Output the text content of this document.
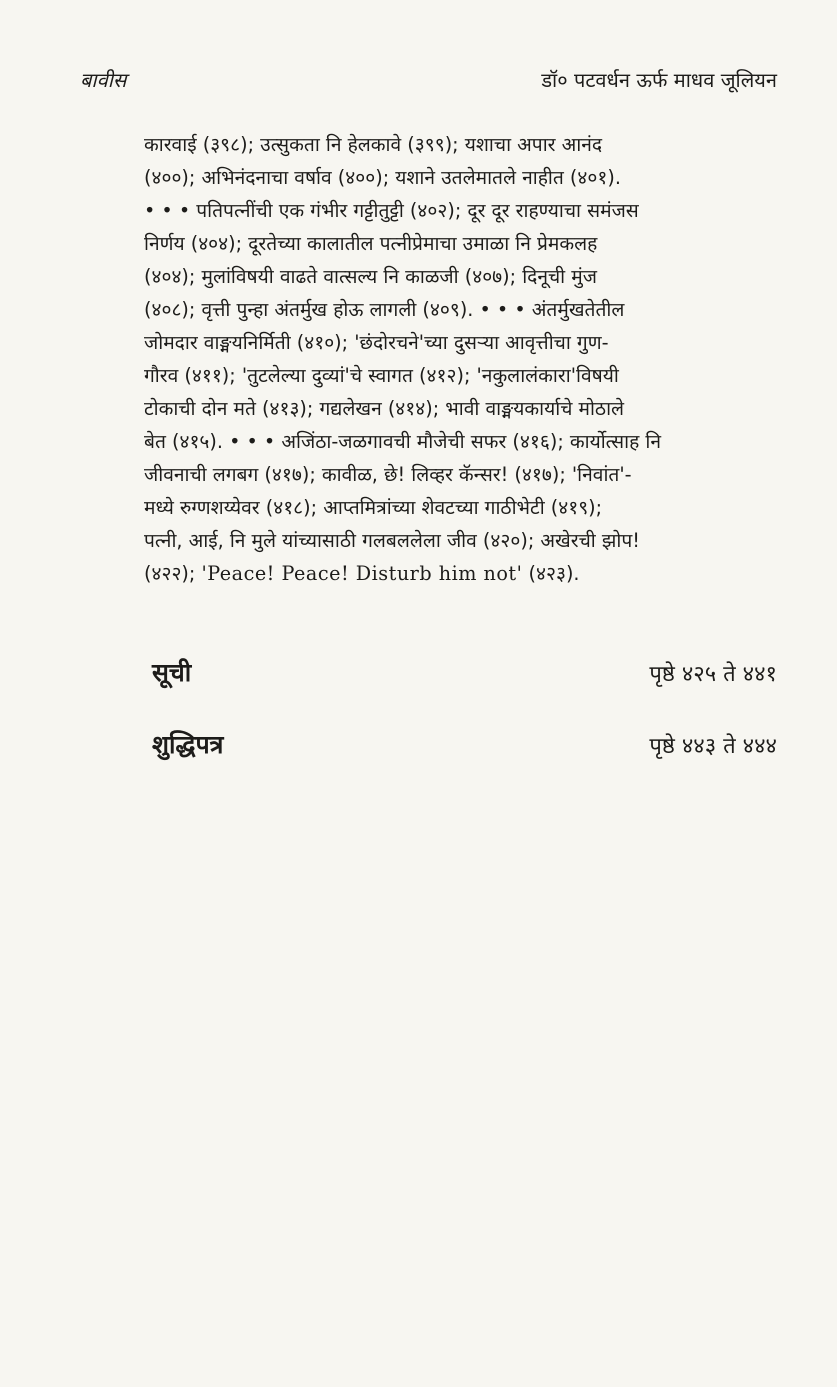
बावीस	डॉ० पटवर्धन ऊर्फ माधव जूलियन
कारवाई (३९८); उत्सुकता नि हेलकावे (३९९); यशाचा अपार आनंद
(४००); अभिनंदनाचा वर्षाव (४००); यशाने उतलेमातले नाहीत (४०१).
• • • पतिपत्नींची एक गंभीर गट्टीतुट्टी (४०२); दूर दूर राहण्याचा समंजस
निर्णय (४०४); दूरतेच्या कालातील पत्नीप्रेमाचा उमाळा नि प्रेमकलह
(४०४); मुलांविषयी वाढते वात्सल्य नि काळजी (४०७); दिनूची मुंज
(४०८); वृत्ती पुन्हा अंतर्मुख होऊ लागली (४०९). • • • अंतर्मुखतेतील
जोमदार वाङ्मयनिर्मिती (४१०); 'छंदोरचने'च्या दुसऱ्या आवृत्तीचा गुण-
गौरव (४११); 'तुटलेल्या दुव्यां'चे स्वागत (४१२); 'नकुलालंकारा'विषयी
टोकाची दोन मते (४१३); गद्यलेखन (४१४); भावी वाङ्मयकार्याचे मोठाले
बेत (४१५). • • • अजिंठा-जळगावची मौजेची सफर (४१६); कार्योत्साह नि
जीवनाची लगबग (४१७); कावीळ, छे! लिव्हर कॅन्सर! (४१७); 'निवांत'-
मध्ये रुग्णशय्येवर (४१८); आप्तमित्रांच्या शेवटच्या गाठीभेटी (४१९);
पत्नी, आई, नि मुले यांच्यासाठी गलबललेला जीव (४२०); अखेरची झोप!
(४२२); 'Peace! Peace! Disturb him not' (४२३).
सूची	पृष्ठे ४२५ ते ४४१
शुद्धिपत्र	पृष्ठे ४४३ ते ४४४
